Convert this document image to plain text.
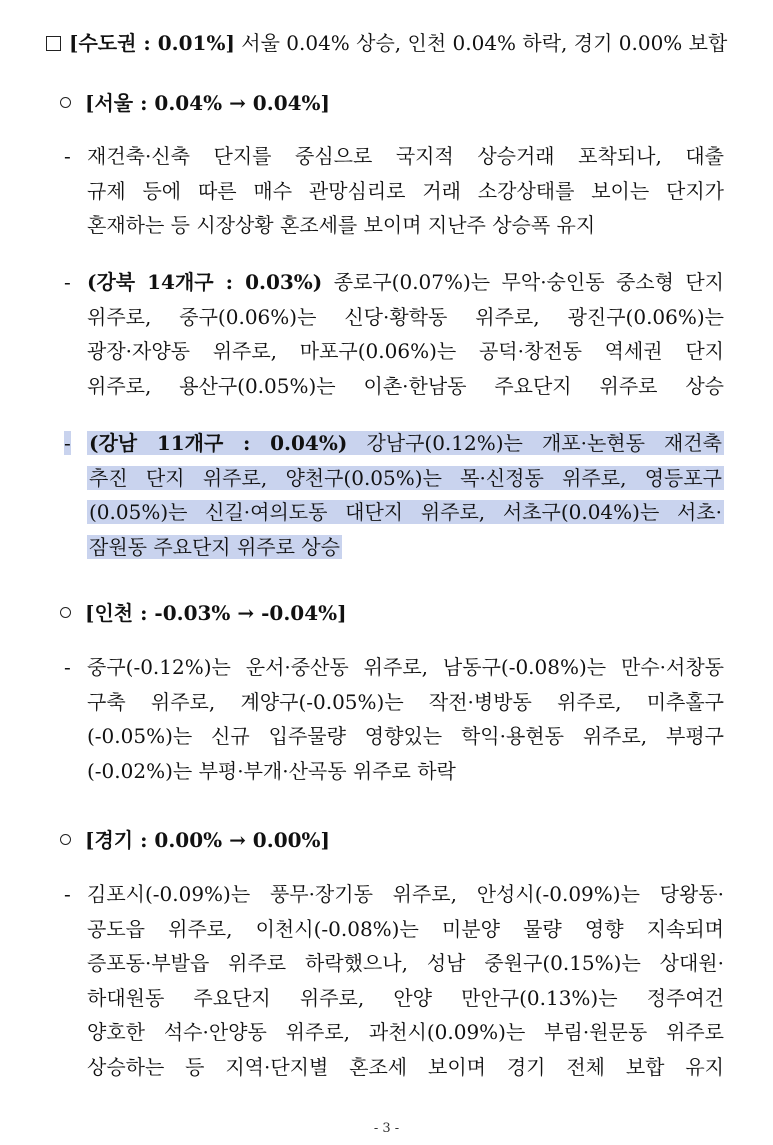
[수도권 : 0.01%] 서울 0.04% 상승, 인천 0.04% 하락, 경기 0.00% 보합
[서울 : 0.04% → 0.04%]
- 재건축·신축 단지를 중심으로 국지적 상승거래 포착되나, 대출
규제 등에 따른 매수 관망심리로 거래 소강상태를 보이는 단지가
혼재하는 등 시장상황 혼조세를 보이며 지난주 상승폭 유지
- (강북 14개구 : 0.03%) 종로구(0.07%)는 무악·숭인동 중소형 단지
위주로, 중구(0.06%)는 신당·황학동 위주로, 광진구(0.06%)는
광장·자양동 위주로, 마포구(0.06%)는 공덕·창전동 역세권 단지
위주로, 용산구(0.05%)는 이촌·한남동 주요단지 위주로 상승
- (강남 11개구 : 0.04%) 강남구(0.12%)는 개포·논현동 재건축
추진 단지 위주로, 양천구(0.05%)는 목·신정동 위주로, 영등포구
(0.05%)는 신길·여의도동 대단지 위주로, 서초구(0.04%)는 서초·
잠원동 주요단지 위주로 상승
[인천 : -0.03% → -0.04%]
- 중구(-0.12%)는 운서·중산동 위주로, 남동구(-0.08%)는 만수·서창동
구축 위주로, 계양구(-0.05%)는 작전·병방동 위주로, 미추홀구
(-0.05%)는 신규 입주물량 영향있는 학익·용현동 위주로, 부평구
(-0.02%)는 부평·부개·산곡동 위주로 하락
[경기 : 0.00% → 0.00%]
- 김포시(-0.09%)는 풍무·장기동 위주로, 안성시(-0.09%)는 당왕동·
공도읍 위주로, 이천시(-0.08%)는 미분양 물량 영향 지속되며
증포동·부발읍 위주로 하락했으나, 성남 중원구(0.15%)는 상대원·
하대원동 주요단지 위주로, 안양 만안구(0.13%)는 정주여건
양호한 석수·안양동 위주로, 과천시(0.09%)는 부림·원문동 위주로
상승하는 등 지역·단지별 혼조세 보이며 경기 전체 보합 유지
- 3 -
